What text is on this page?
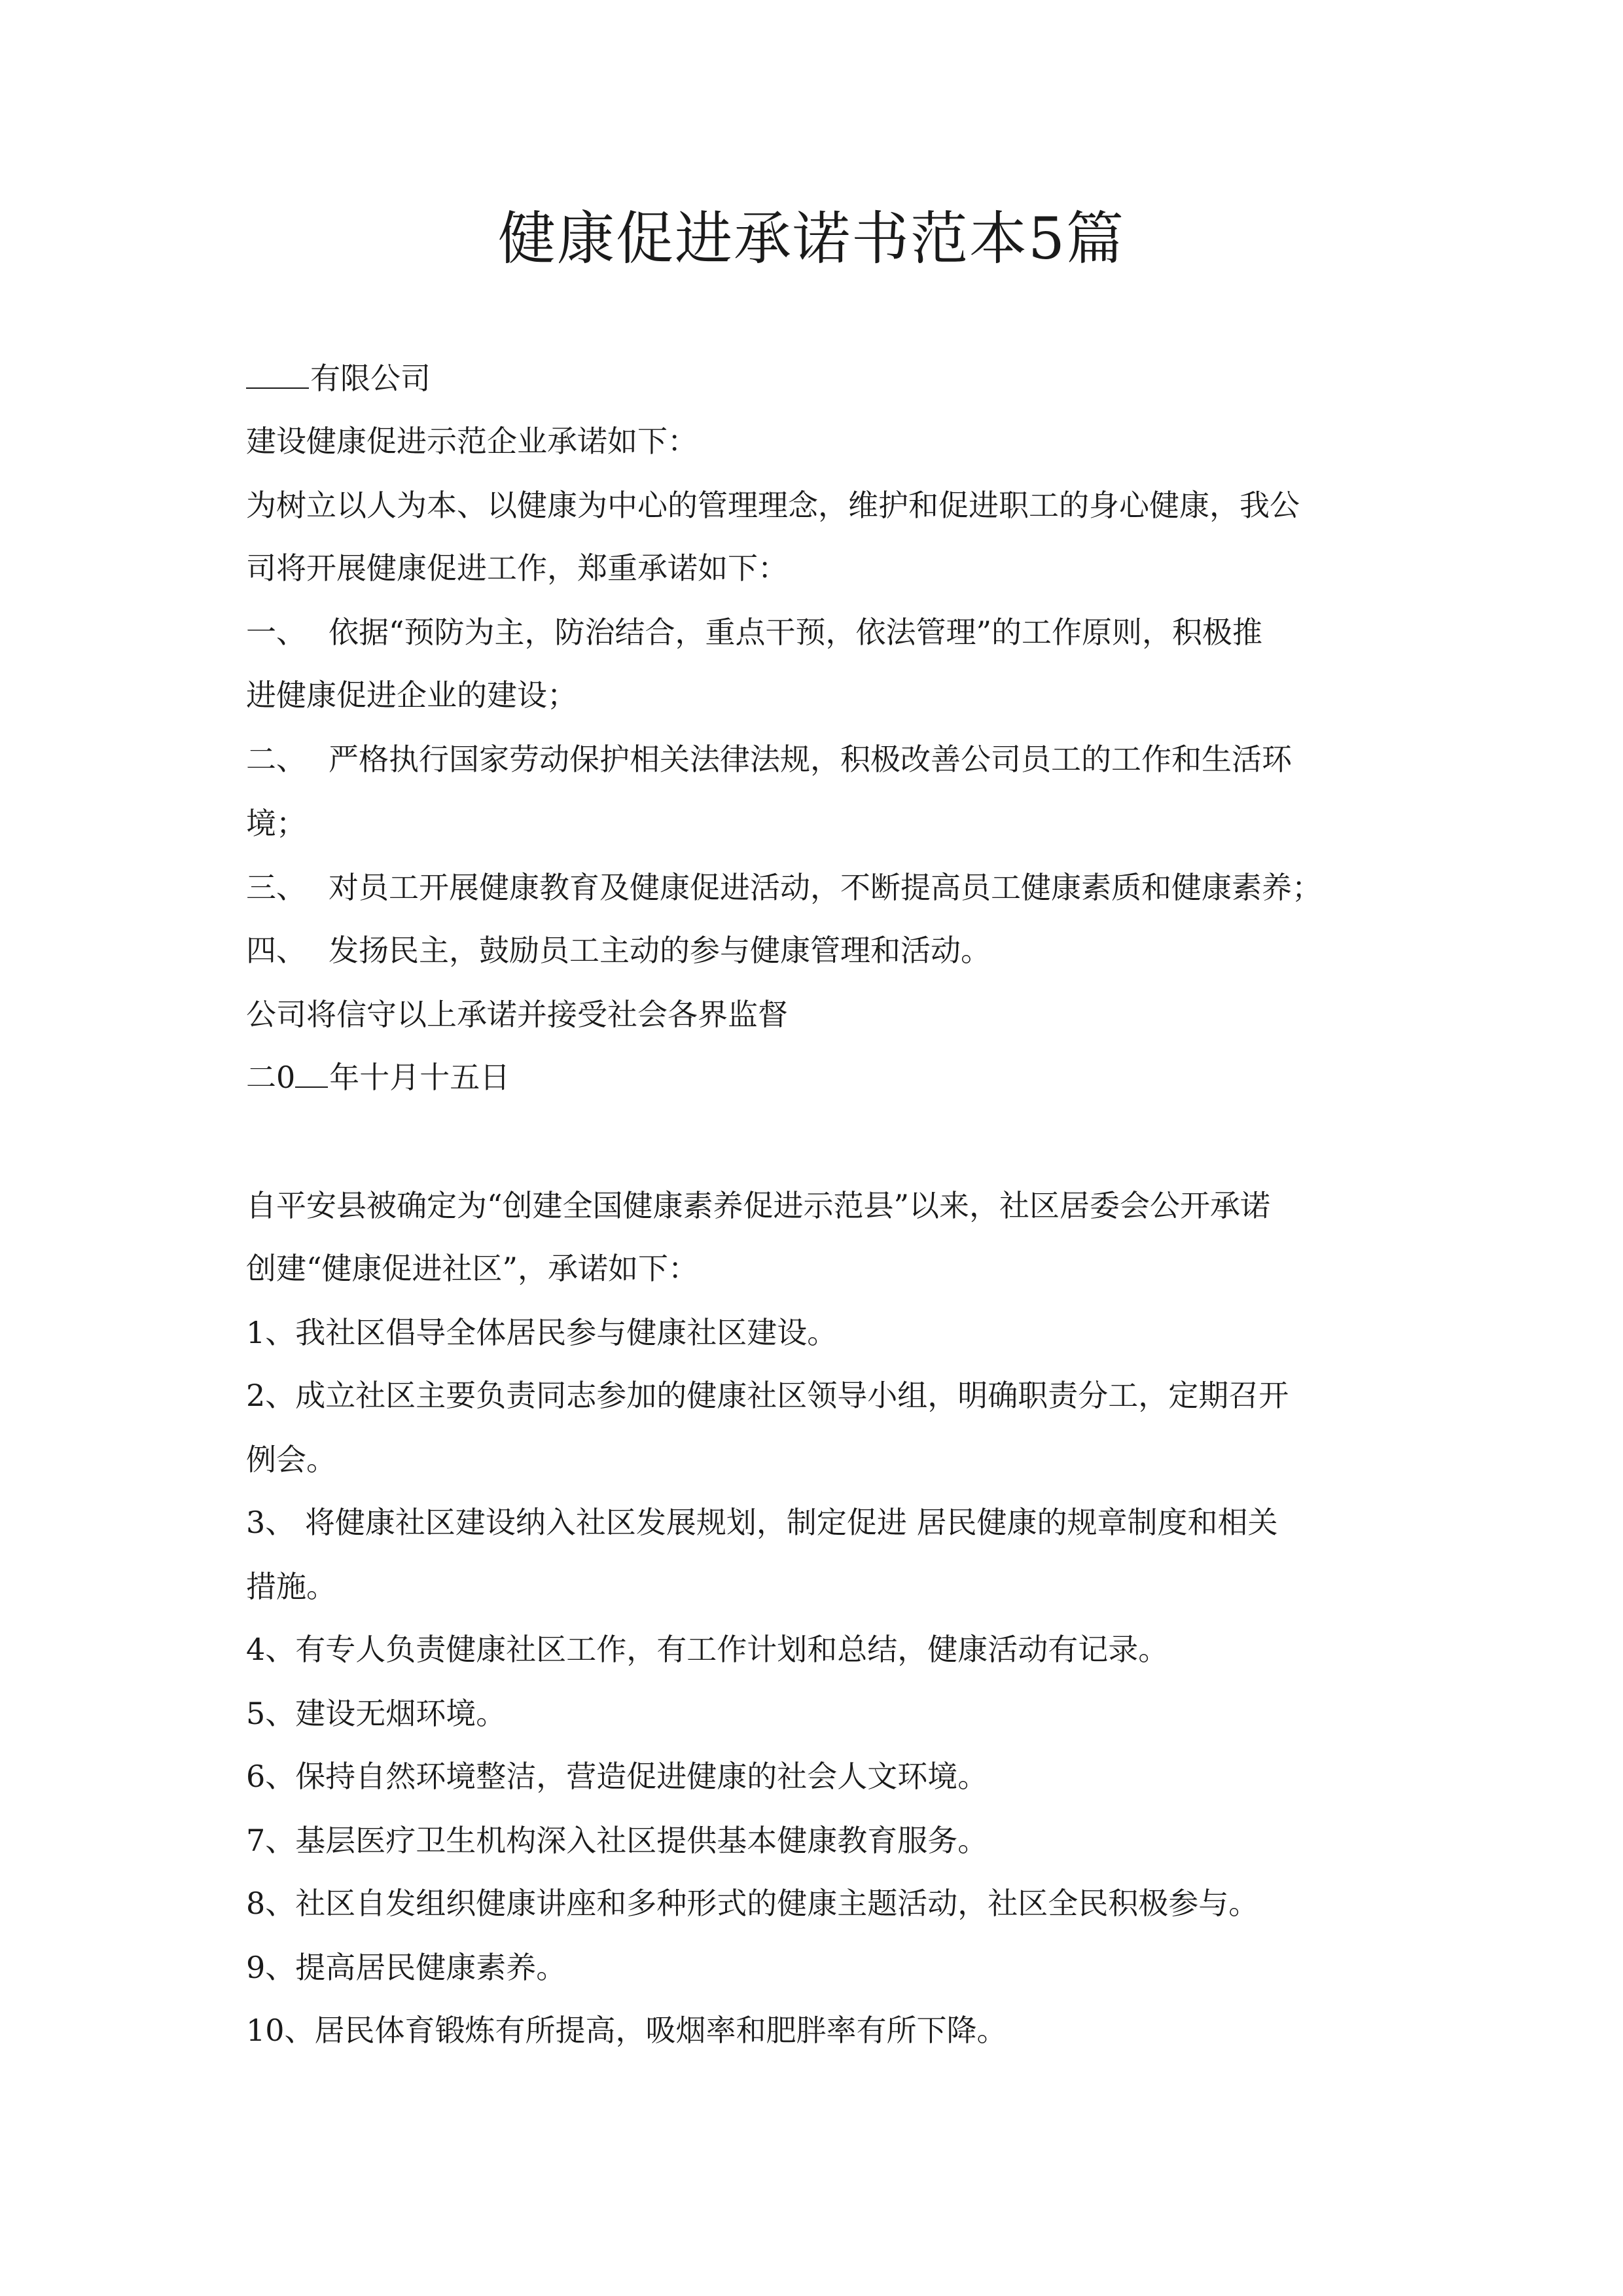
健康促进承诺书范本5篇

有限公司

建设健康促进示范企业承诺如下：

为树立以人为本、以健康为中心的管理理念，维护和促进职工的身心健康，我公

司将开展健康促进工作，郑重承诺如下：

一、 依据“预防为主，防治结合，重点干预，依法管理”的工作原则，积极推

进健康促进企业的建设；

二、 严格执行国家劳动保护相关法律法规，积极改善公司员工的工作和生活环

境；

三、 对员工开展健康教育及健康促进活动，不断提高员工健康素质和健康素养；

四、 发扬民主，鼓励员工主动的参与健康管理和活动。

公司将信守以上承诺并接受社会各界监督

二0 年十月十五日

自平安县被确定为“创建全国健康素养促进示范县”以来，社区居委会公开承诺

创建“健康促进社区”，承诺如下：

1、我社区倡导全体居民参与健康社区建设。

2、成立社区主要负责同志参加的健康社区领导小组，明确职责分工，定期召开

例会。

3、 将健康社区建设纳入社区发展规划，制定促进 居民健康的规章制度和相关

措施。

4、有专人负责健康社区工作，有工作计划和总结，健康活动有记录。

5、建设无烟环境。

6、保持自然环境整洁，营造促进健康的社会人文环境。

7、基层医疗卫生机构深入社区提供基本健康教育服务。

8、社区自发组织健康讲座和多种形式的健康主题活动，社区全民积极参与。

9、提高居民健康素养。

10、居民体育锻炼有所提高，吸烟率和肥胖率有所下降。
